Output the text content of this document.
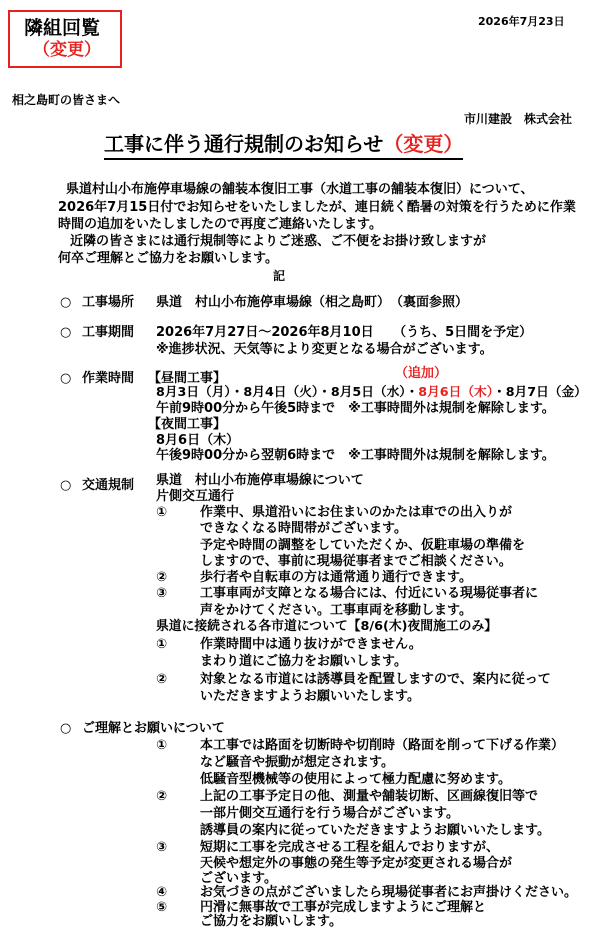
隣組回覧
（変更）
2026年7月23日
相之島町の皆さまへ
市川建設　株式会社
工事に伴う通行規制のお知らせ（変更）
県道村山小布施停車場線の舗装本復旧工事（水道工事の舗装本復旧）について、
2026年7月15日付でお知らせをいたしましたが、連日続く酷暑の対策を行うために作業
時間の追加をいたしましたので再度ご連絡いたします。
近隣の皆さまには通行規制等によりご迷惑、ご不便をお掛け致しますが
何卒ご理解とご協力をお願いします。
記
○ 工事場所 県道　村山小布施停車場線（相之島町）　（裏面参照）
○ 工事期間 2026年7月27日～2026年8月10日　　（うち、5日間を予定）
※進捗状況、天気等により変更となる場合がございます。
○ 作業時間 【昼間工事】	（追加）
8月3日（月）・8月4日（火）・8月5日（水）・8月6日（木）・8月7日（金）
午前9時00分から午後5時まで　※工事時間外は規制を解除します。
【夜間工事】
8月6日（木）
午後9時00分から翌朝6時まで　※工事時間外は規制を解除します。
○ 交通規制 県道　村山小布施停車場線について
片側交互通行
①	作業中、県道沿いにお住まいのかたは車での出入りが
できなくなる時間帯がございます。
予定や時間の調整をしていただくか、仮駐車場の準備を
しますので、事前に現場従事者までご相談ください。
②	歩行者や自転車の方は通常通り通行できます。
③	工事車両が支障となる場合には、付近にいる現場従事者に
声をかけてください。工事車両を移動します。
県道に接続される各市道について【8/6(木)夜間施工のみ】
①	作業時間中は通り抜けができません。
まわり道にご協力をお願いします。
②	対象となる市道には誘導員を配置しますので、案内に従って
いただきますようお願いいたします。
○ ご理解とお願いについて
①	本工事では路面を切断時や切削時（路面を削って下げる作業）
など騒音や振動が想定されます。
低騒音型機械等の使用によって極力配慮に努めます。
②	上記の工事予定日の他、測量や舗装切断、区画線復旧等で
一部片側交互通行を行う場合がございます。
誘導員の案内に従っていただきますようお願いいたします。
③	短期に工事を完成させる工程を組んでおりますが、
天候や想定外の事態の発生等予定が変更される場合が
ございます。
④	お気づきの点がございましたら現場従事者にお声掛けください。
⑤	円滑に無事故で工事が完成しますようにご理解と
ご協力をお願いします。
